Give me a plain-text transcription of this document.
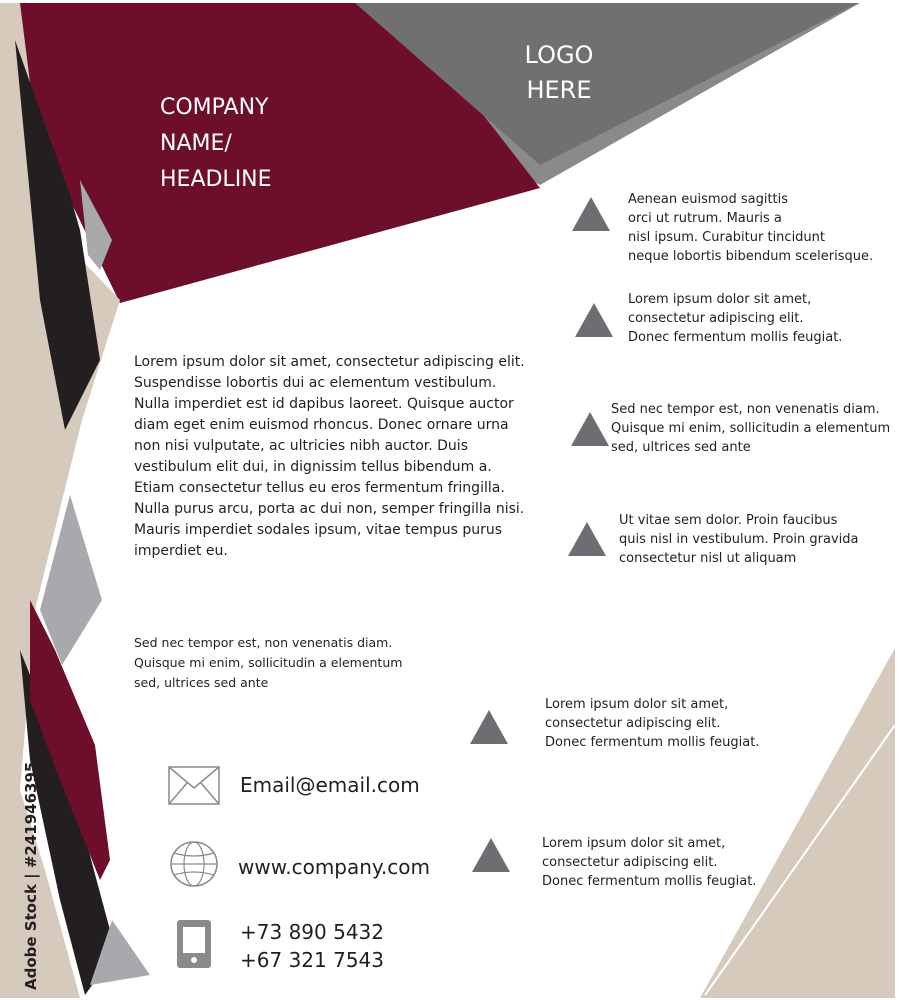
COMPANY
NAME/
HEADLINE
LOGO
HERE
Aenean euismod sagittis
orci ut rutrum. Mauris a
nisl ipsum. Curabitur tincidunt
neque lobortis bibendum scelerisque.
Lorem ipsum dolor sit amet,
consectetur adipiscing elit.
Donec fermentum mollis feugiat.
Sed nec tempor est, non venenatis diam.
Quisque mi enim, sollicitudin a elementum
sed, ultrices sed ante
Ut vitae sem dolor. Proin faucibus
quis nisl in vestibulum. Proin gravida
consectetur nisl ut aliquam
Lorem ipsum dolor sit amet,
consectetur adipiscing elit.
Donec fermentum mollis feugiat.
Lorem ipsum dolor sit amet,
consectetur adipiscing elit.
Donec fermentum mollis feugiat.
Lorem ipsum dolor sit amet, consectetur adipiscing elit.
Suspendisse lobortis dui ac elementum vestibulum.
Nulla imperdiet est id dapibus laoreet. Quisque auctor
diam eget enim euismod rhoncus. Donec ornare urna
non nisi vulputate, ac ultricies nibh auctor. Duis
vestibulum elit dui, in dignissim tellus bibendum a.
Etiam consectetur tellus eu eros fermentum fringilla.
Nulla purus arcu, porta ac dui non, semper fringilla nisi.
Mauris imperdiet sodales ipsum, vitae tempus purus
imperdiet eu.
Sed nec tempor est, non venenatis diam.
Quisque mi enim, sollicitudin a elementum
sed, ultrices sed ante
Email@email.com
www.company.com
+73 890 5432
+67 321 7543
Adobe Stock | #241946395
